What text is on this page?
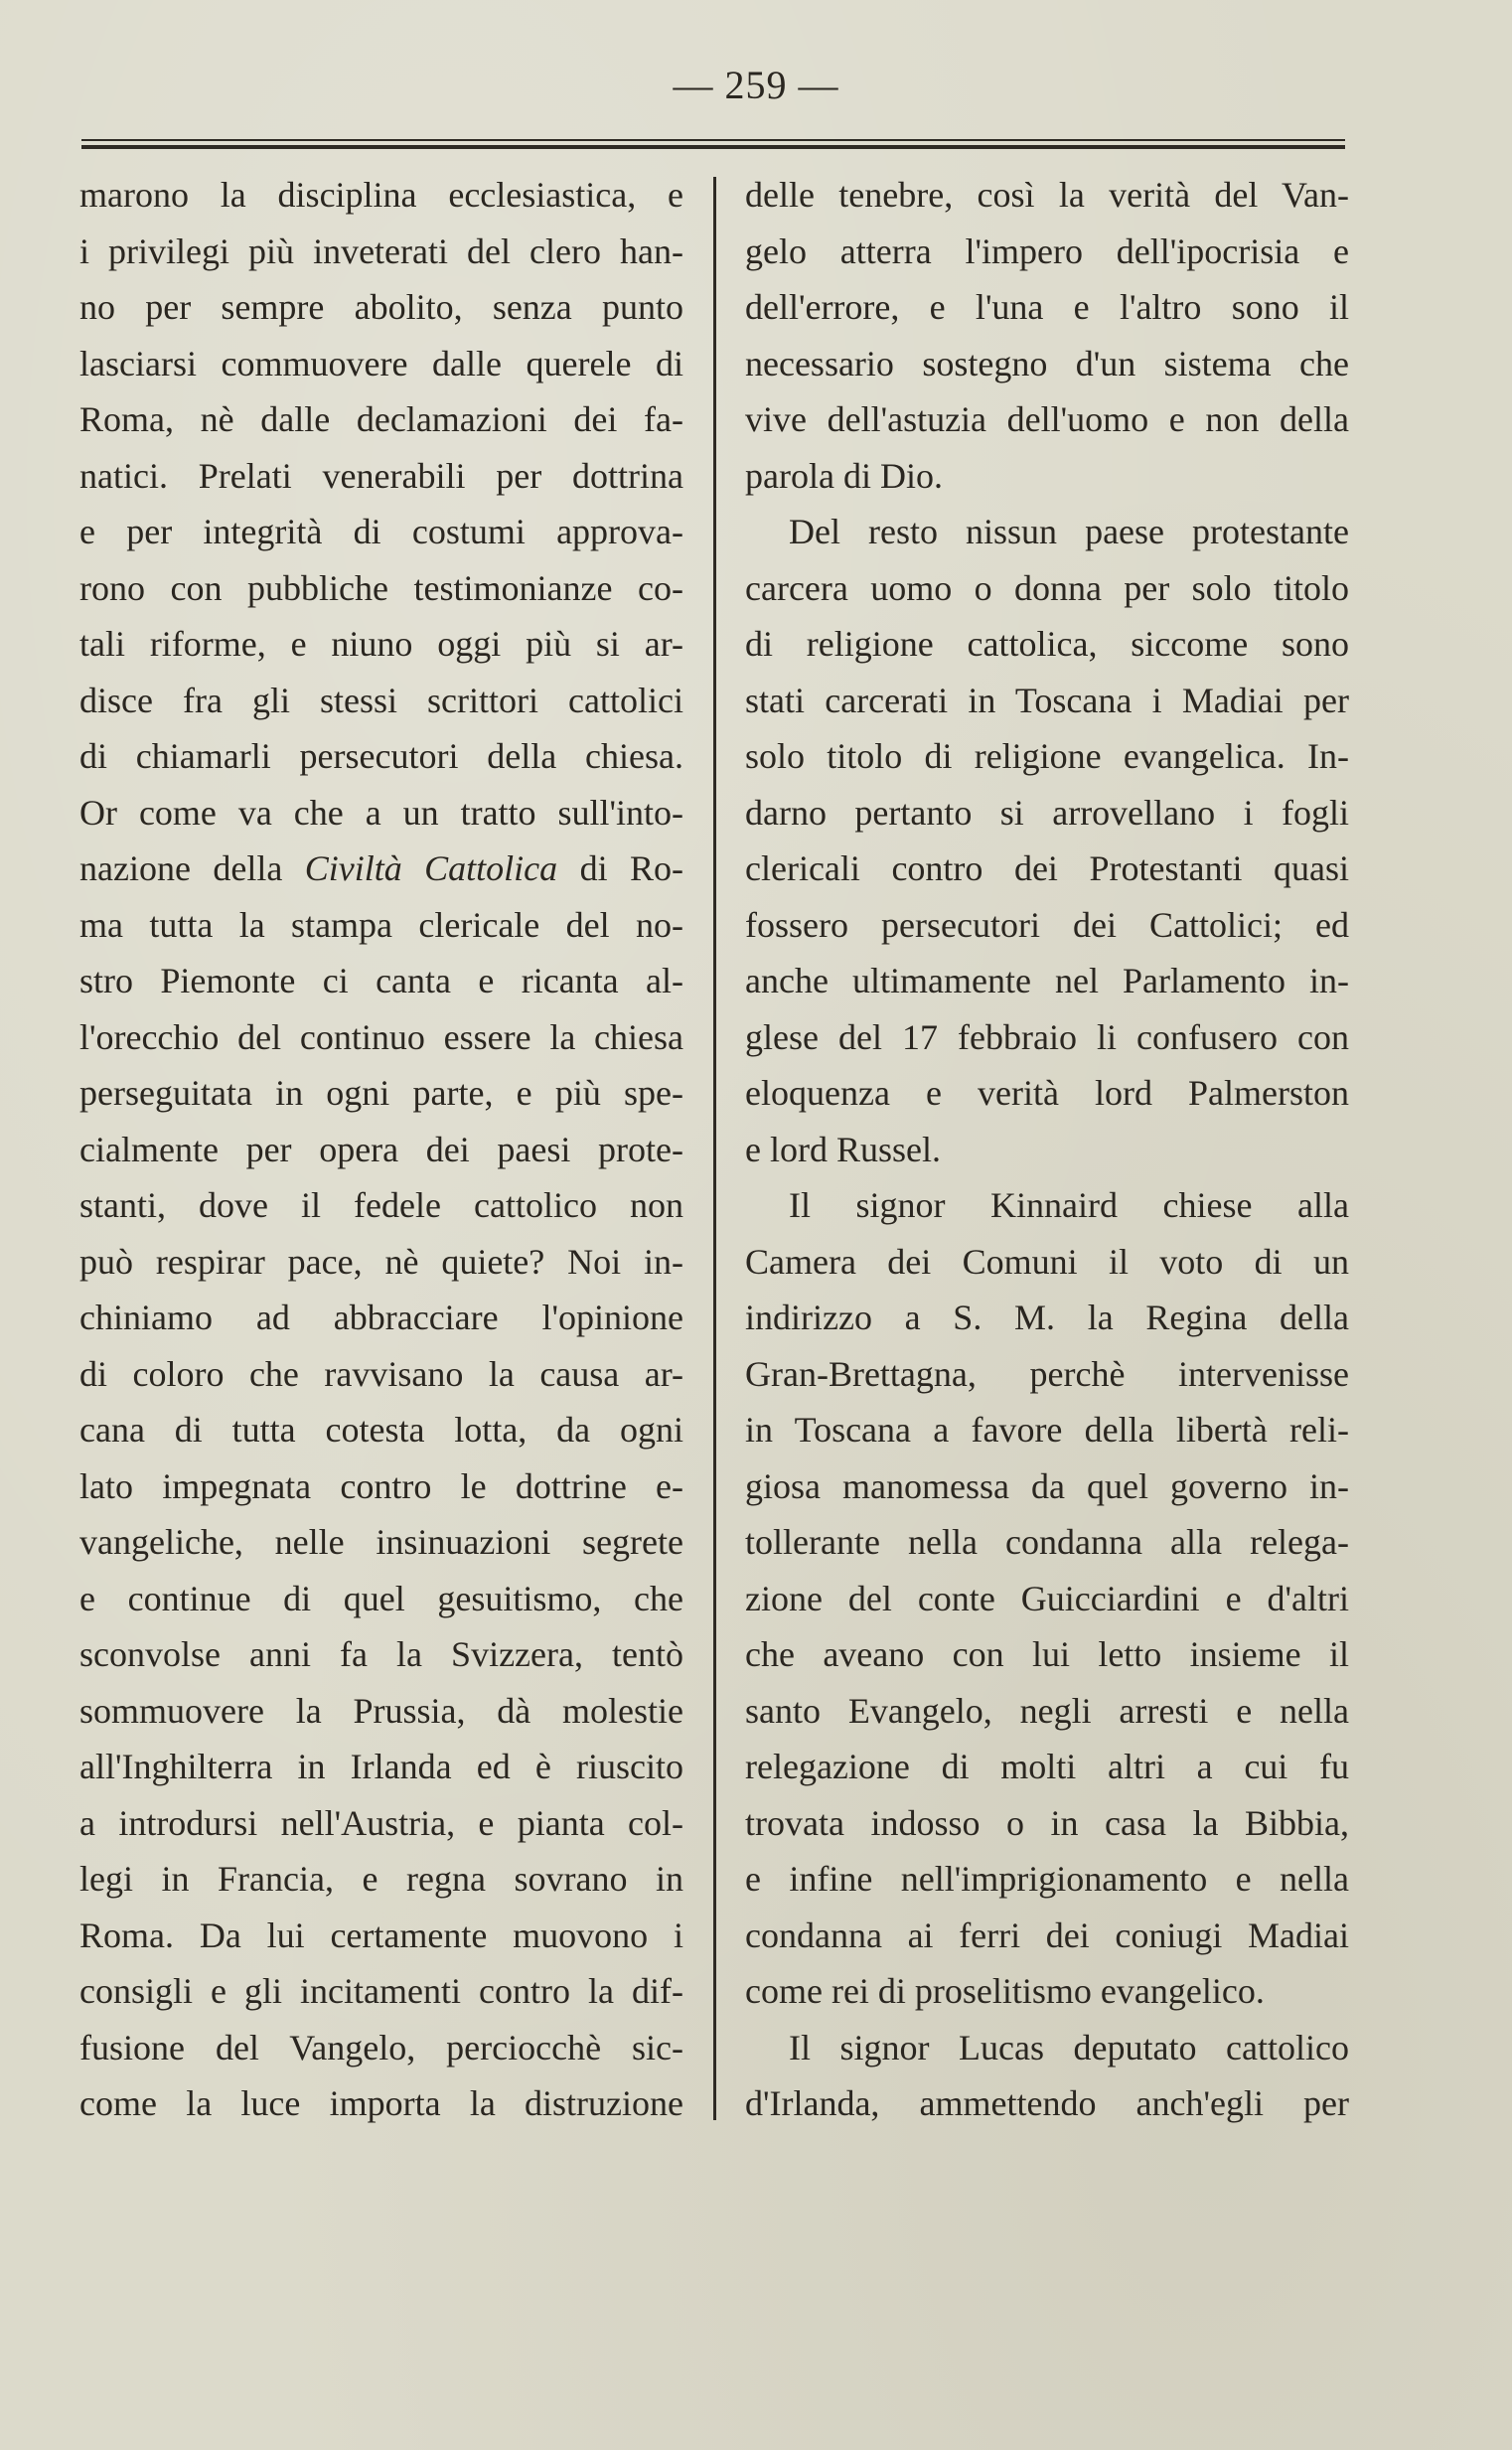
— 259 —
marono la disciplina ecclesiastica, e
i privilegi più inveterati del clero han-
no per sempre abolito, senza punto
lasciarsi commuovere dalle querele di
Roma, nè dalle declamazioni dei fa-
natici. Prelati venerabili per dottrina
e per integrità di costumi approva-
rono con pubbliche testimonianze co-
tali riforme, e niuno oggi più si ar-
disce fra gli stessi scrittori cattolici
di chiamarli persecutori della chiesa.
Or come va che a un tratto sull'into-
nazione della Civiltà Cattolica di Ro-
ma tutta la stampa clericale del no-
stro Piemonte ci canta e ricanta al-
l'orecchio del continuo essere la chiesa
perseguitata in ogni parte, e più spe-
cialmente per opera dei paesi prote-
stanti, dove il fedele cattolico non
può respirar pace, nè quiete? Noi in-
chiniamo ad abbracciare l'opinione
di coloro che ravvisano la causa ar-
cana di tutta cotesta lotta, da ogni
lato impegnata contro le dottrine e-
vangeliche, nelle insinuazioni segrete
e continue di quel gesuitismo, che
sconvolse anni fa la Svizzera, tentò
sommuovere la Prussia, dà molestie
all'Inghilterra in Irlanda ed è riuscito
a introdursi nell'Austria, e pianta col-
legi in Francia, e regna sovrano in
Roma. Da lui certamente muovono i
consigli e gli incitamenti contro la dif-
fusione del Vangelo, perciocchè sic-
come la luce importa la distruzione
delle tenebre, così la verità del Van-
gelo atterra l'impero dell'ipocrisia e
dell'errore, e l'una e l'altro sono il
necessario sostegno d'un sistema che
vive dell'astuzia dell'uomo e non della
parola di Dio.
Del resto nissun paese protestante
carcera uomo o donna per solo titolo
di religione cattolica, siccome sono
stati carcerati in Toscana i Madiai per
solo titolo di religione evangelica. In-
darno pertanto si arrovellano i fogli
clericali contro dei Protestanti quasi
fossero persecutori dei Cattolici; ed
anche ultimamente nel Parlamento in-
glese del 17 febbraio li confusero con
eloquenza e verità lord Palmerston
e lord Russel.
Il signor Kinnaird chiese alla
Camera dei Comuni il voto di un
indirizzo a S. M. la Regina della
Gran-Brettagna, perchè intervenisse
in Toscana a favore della libertà reli-
giosa manomessa da quel governo in-
tollerante nella condanna alla relega-
zione del conte Guicciardini e d'altri
che aveano con lui letto insieme il
santo Evangelo, negli arresti e nella
relegazione di molti altri a cui fu
trovata indosso o in casa la Bibbia,
e infine nell'imprigionamento e nella
condanna ai ferri dei coniugi Madiai
come rei di proselitismo evangelico.
Il signor Lucas deputato cattolico
d'Irlanda, ammettendo anch'egli per
